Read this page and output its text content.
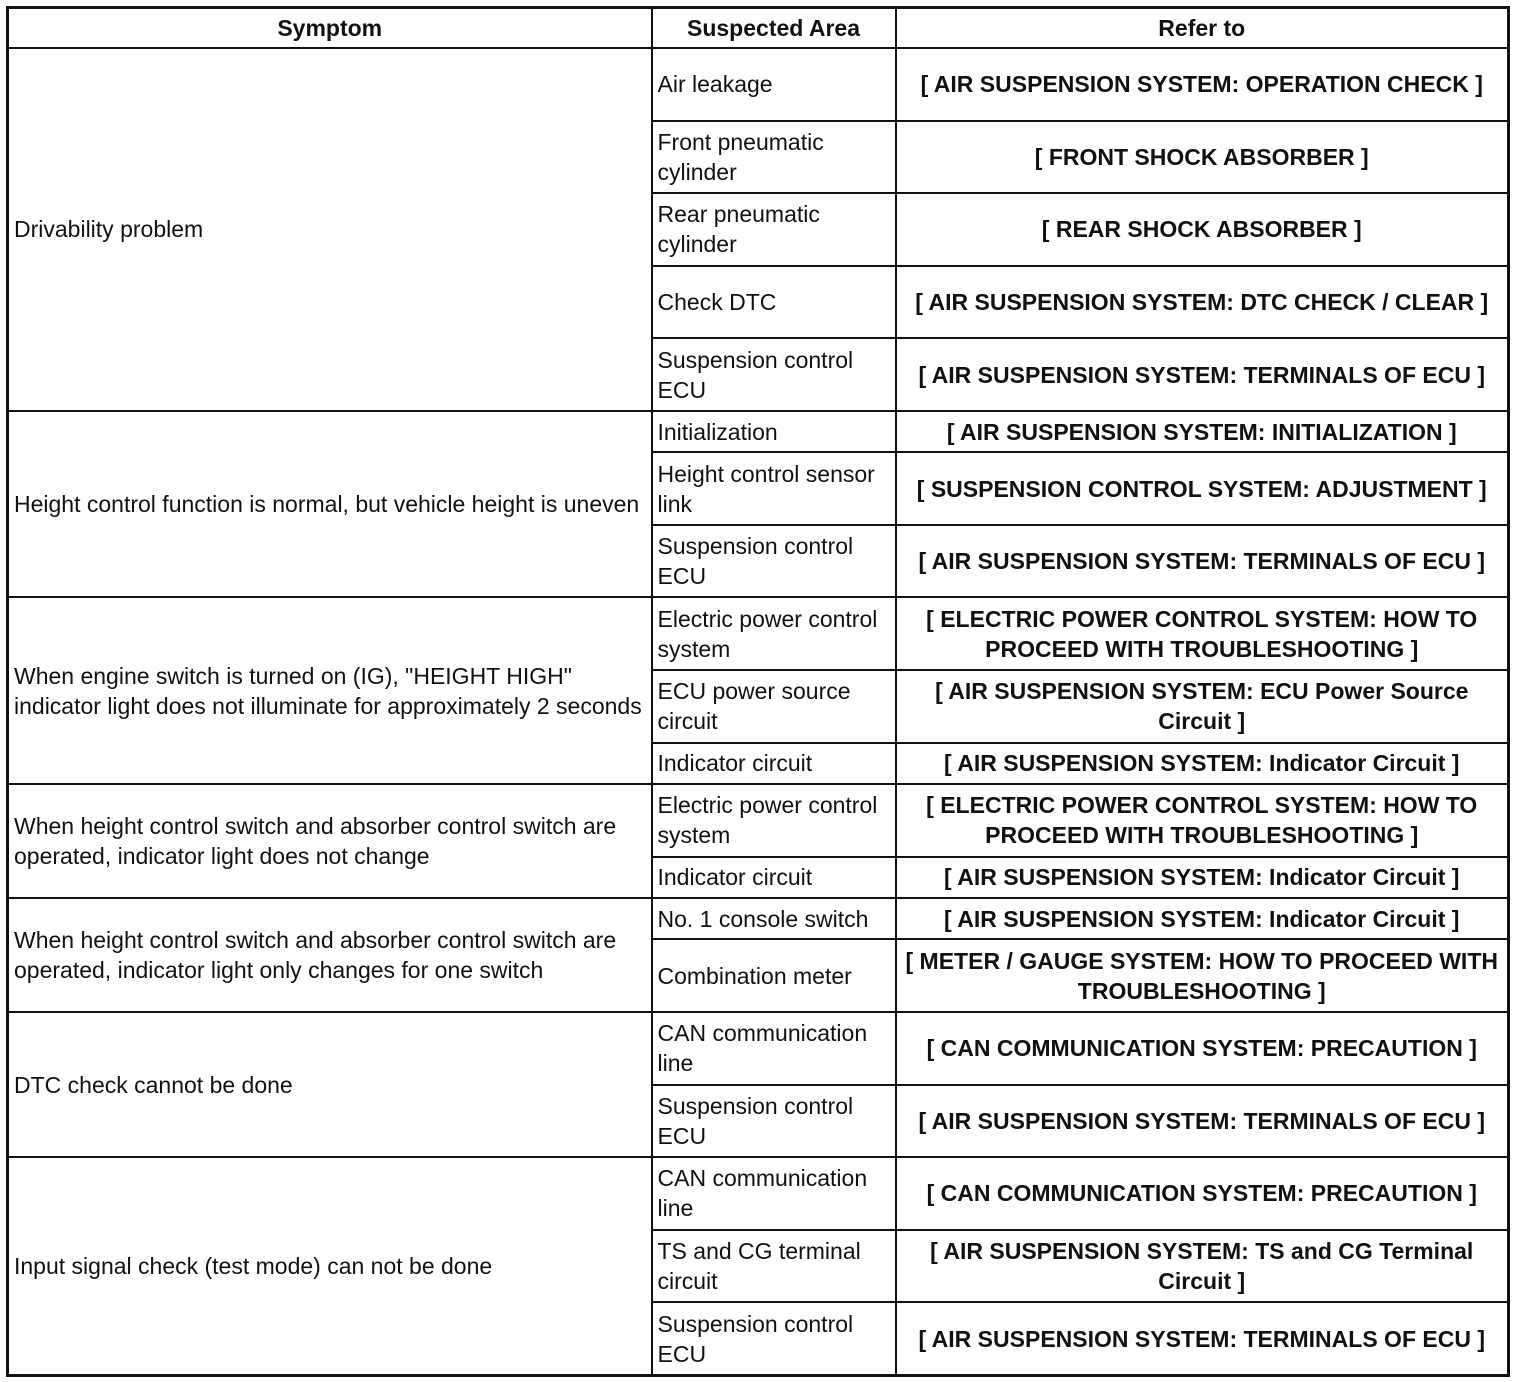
Symptom	Suspected Area	Refer to
Drivability problem	Air leakage	[ AIR SUSPENSION SYSTEM: OPERATION CHECK ]
	Front pneumatic cylinder	[ FRONT SHOCK ABSORBER ]
	Rear pneumatic cylinder	[ REAR SHOCK ABSORBER ]
	Check DTC	[ AIR SUSPENSION SYSTEM: DTC CHECK / CLEAR ]
	Suspension control ECU	[ AIR SUSPENSION SYSTEM: TERMINALS OF ECU ]
Height control function is normal, but vehicle height is uneven	Initialization	[ AIR SUSPENSION SYSTEM: INITIALIZATION ]
	Height control sensor link	[ SUSPENSION CONTROL SYSTEM: ADJUSTMENT ]
	Suspension control ECU	[ AIR SUSPENSION SYSTEM: TERMINALS OF ECU ]
When engine switch is turned on (IG), "HEIGHT HIGH" indicator light does not illuminate for approximately 2 seconds	Electric power control system	[ ELECTRIC POWER CONTROL SYSTEM: HOW TO PROCEED WITH TROUBLESHOOTING ]
	ECU power source circuit	[ AIR SUSPENSION SYSTEM: ECU Power Source Circuit ]
	Indicator circuit	[ AIR SUSPENSION SYSTEM: Indicator Circuit ]
When height control switch and absorber control switch are operated, indicator light does not change	Electric power control system	[ ELECTRIC POWER CONTROL SYSTEM: HOW TO PROCEED WITH TROUBLESHOOTING ]
	Indicator circuit	[ AIR SUSPENSION SYSTEM: Indicator Circuit ]
When height control switch and absorber control switch are operated, indicator light only changes for one switch	No. 1 console switch	[ AIR SUSPENSION SYSTEM: Indicator Circuit ]
	Combination meter	[ METER / GAUGE SYSTEM: HOW TO PROCEED WITH TROUBLESHOOTING ]
DTC check cannot be done	CAN communication line	[ CAN COMMUNICATION SYSTEM: PRECAUTION ]
	Suspension control ECU	[ AIR SUSPENSION SYSTEM: TERMINALS OF ECU ]
Input signal check (test mode) can not be done	CAN communication line	[ CAN COMMUNICATION SYSTEM: PRECAUTION ]
	TS and CG terminal circuit	[ AIR SUSPENSION SYSTEM: TS and CG Terminal Circuit ]
	Suspension control ECU	[ AIR SUSPENSION SYSTEM: TERMINALS OF ECU ]
